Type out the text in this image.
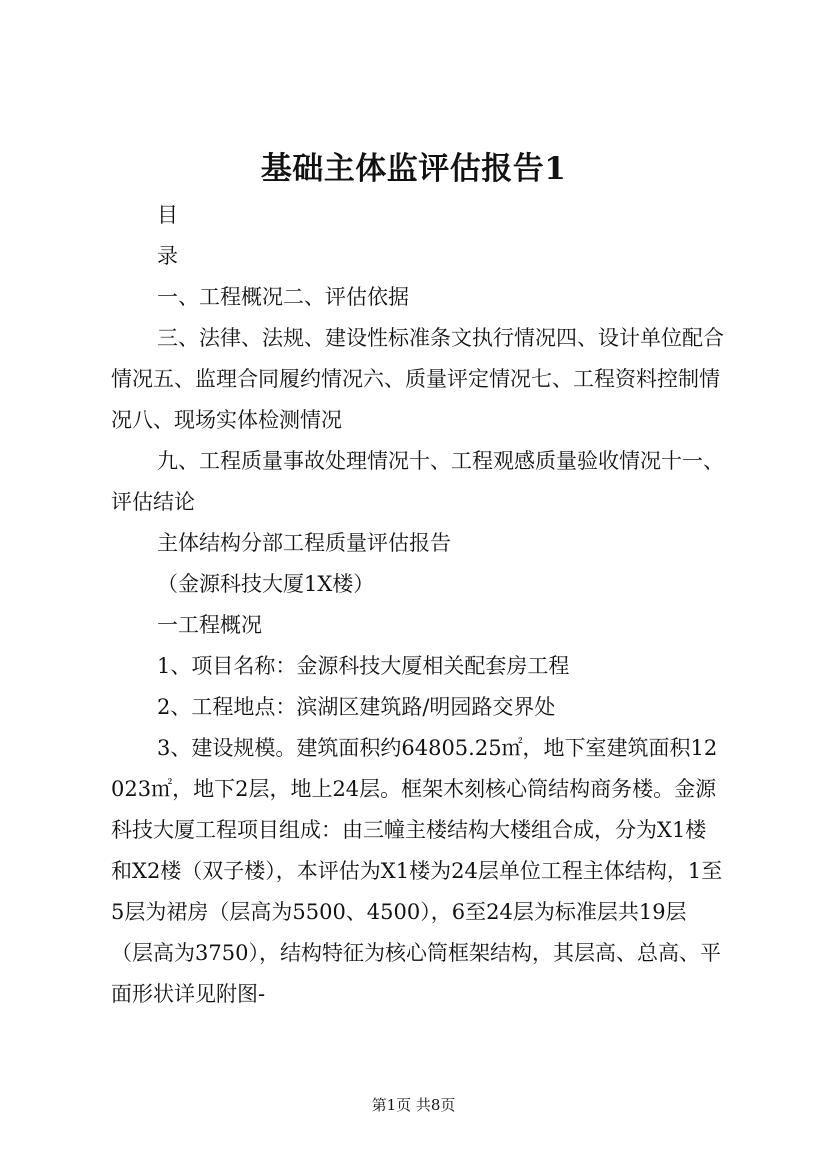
基础主体监评估报告1

目

录

一、工程概况二、评估依据

三、法律、法规、建设性标准条文执行情况四、设计单位配合情况五、监理合同履约情况六、质量评定情况七、工程资料控制情况八、现场实体检测情况

九、工程质量事故处理情况十、工程观感质量验收情况十一、评估结论

主体结构分部工程质量评估报告

（金源科技大厦1X楼）

一工程概况

1、项目名称：金源科技大厦相关配套房工程

2、工程地点：滨湖区建筑路/明园路交界处

3、建设规模。建筑面积约64805.25㎡，地下室建筑面积12023㎡，地下2层，地上24层。框架木刻核心筒结构商务楼。金源科技大厦工程项目组成：由三幢主楼结构大楼组合成，分为X1楼和X2楼（双子楼），本评估为X1楼为24层单位工程主体结构，1至5层为裙房（层高为5500、4500），6至24层为标准层共19层（层高为3750），结构特征为核心筒框架结构，其层高、总高、平面形状详见附图-

第1页 共8页
